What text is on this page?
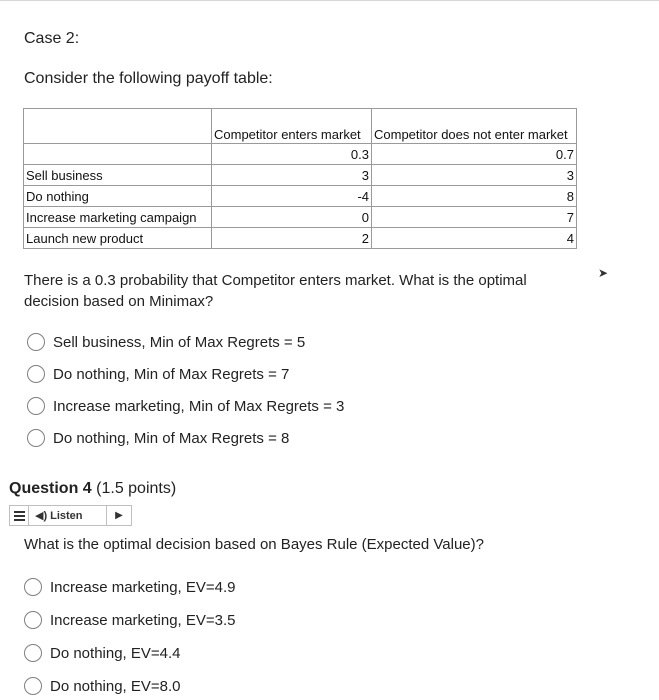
Case 2:
Consider the following payoff table:
	Competitor enters market	Competitor does not enter market
	0.3	0.7
Sell business	3	3
Do nothing	-4	8
Increase marketing campaign	0	7
Launch new product	2	4
There is a 0.3 probability that Competitor enters market. What is the optimal decision based on Minimax?
➤
Sell business, Min of Max Regrets = 5
Do nothing, Min of Max Regrets = 7
Increase marketing, Min of Max Regrets = 3
Do nothing, Min of Max Regrets = 8
Question 4 (1.5 points)
◀) Listen	▶
What is the optimal decision based on Bayes Rule (Expected Value)?
Increase marketing, EV=4.9
Increase marketing, EV=3.5
Do nothing, EV=4.4
Do nothing, EV=8.0
